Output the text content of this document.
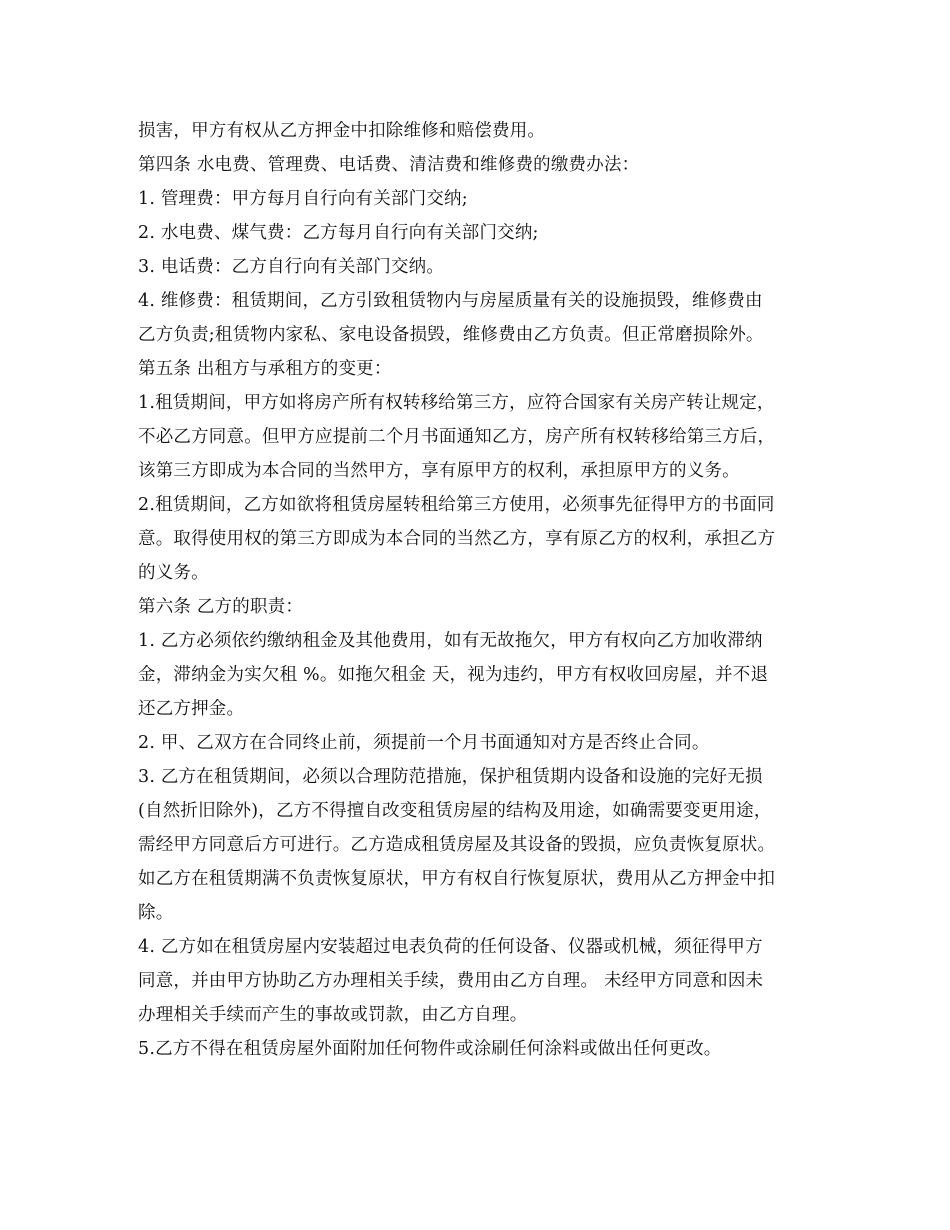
损害，甲方有权从乙方押金中扣除维修和赔偿费用。
第四条 水电费、管理费、电话费、清洁费和维修费的缴费办法：
1. 管理费：甲方每月自行向有关部门交纳;
2. 水电费、煤气费：乙方每月自行向有关部门交纳;
3. 电话费：乙方自行向有关部门交纳。
4. 维修费：租赁期间，乙方引致租赁物内与房屋质量有关的设施损毁，维修费由
乙方负责;租赁物内家私、家电设备损毁，维修费由乙方负责。但正常磨损除外。
第五条 出租方与承租方的变更：
1.租赁期间，甲方如将房产所有权转移给第三方，应符合国家有关房产转让规定，
不必乙方同意。但甲方应提前二个月书面通知乙方，房产所有权转移给第三方后，
该第三方即成为本合同的当然甲方，享有原甲方的权利，承担原甲方的义务。
2.租赁期间，乙方如欲将租赁房屋转租给第三方使用，必须事先征得甲方的书面同
意。取得使用权的第三方即成为本合同的当然乙方，享有原乙方的权利，承担乙方
的义务。
第六条 乙方的职责：
1. 乙方必须依约缴纳租金及其他费用，如有无故拖欠，甲方有权向乙方加收滞纳
金，滞纳金为实欠租 %。如拖欠租金 天，视为违约，甲方有权收回房屋，并不退
还乙方押金。
2. 甲、乙双方在合同终止前，须提前一个月书面通知对方是否终止合同。
3. 乙方在租赁期间，必须以合理防范措施，保护租赁期内设备和设施的完好无损
(自然折旧除外)，乙方不得擅自改变租赁房屋的结构及用途，如确需要变更用途，
需经甲方同意后方可进行。乙方造成租赁房屋及其设备的毁损，应负责恢复原状。
如乙方在租赁期满不负责恢复原状，甲方有权自行恢复原状，费用从乙方押金中扣
除。
4. 乙方如在租赁房屋内安装超过电表负荷的任何设备、仪器或机械，须征得甲方
同意，并由甲方协助乙方办理相关手续，费用由乙方自理。 未经甲方同意和因未
办理相关手续而产生的事故或罚款，由乙方自理。
5.乙方不得在租赁房屋外面附加任何物件或涂刷任何涂料或做出任何更改。
